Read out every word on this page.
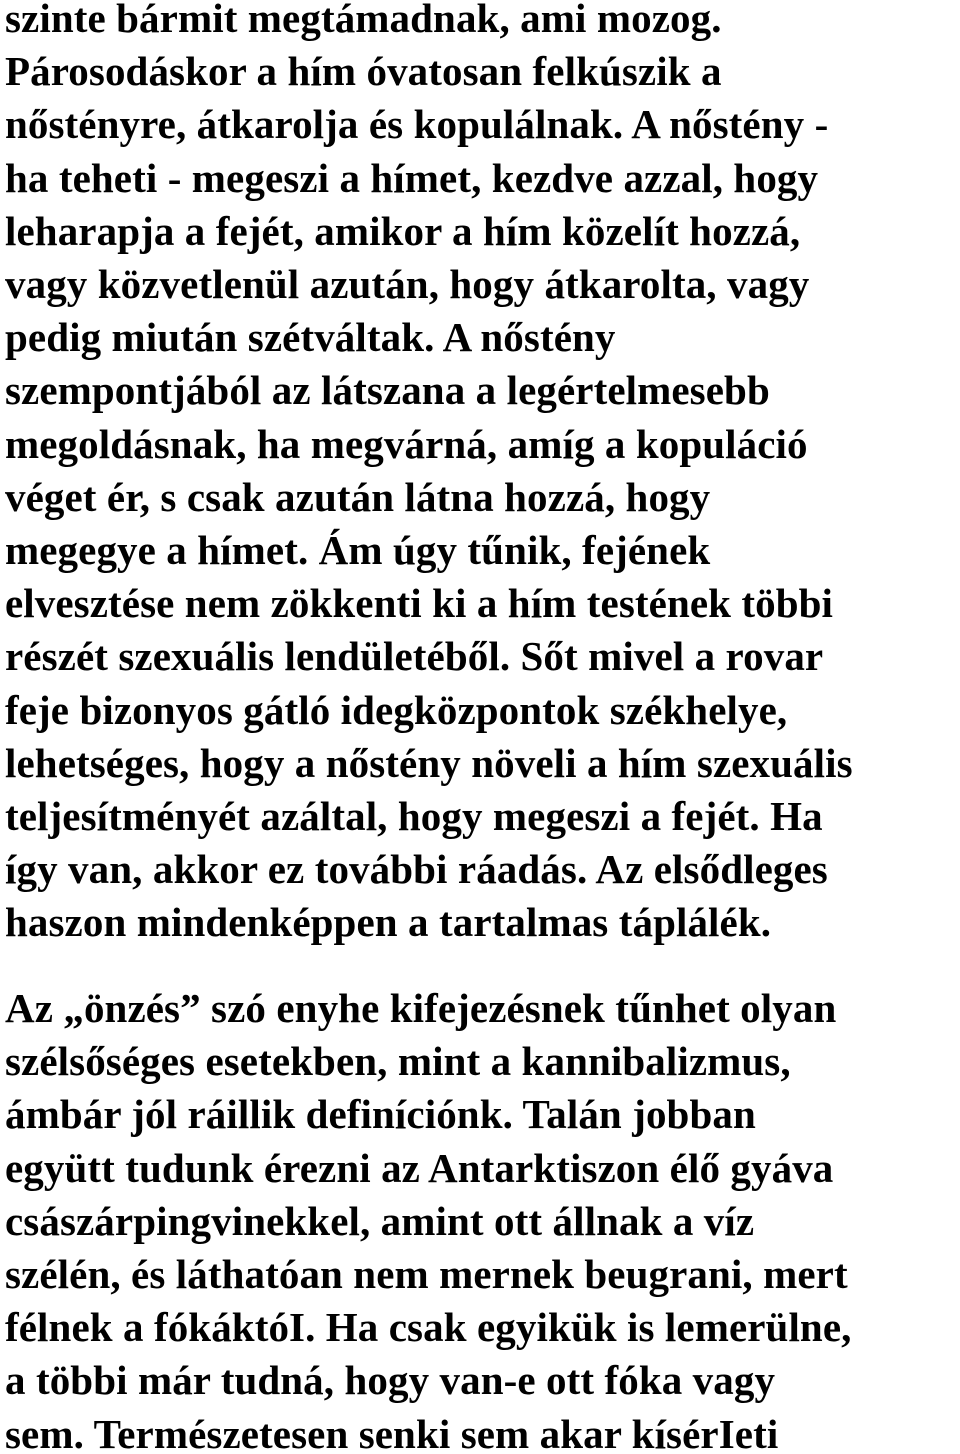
szinte bármit megtámadnak, ami mozog.
Párosodáskor a hím óvatosan felkúszik a
nőstényre, átkarolja és kopulálnak. A nőstény -
ha teheti - megeszi a hímet, kezdve azzal, hogy
leharapja a fejét, amikor a hím közelít hozzá,
vagy közvetlenül azután, hogy átkarolta, vagy
pedig miután szétváltak. A nőstény
szempontjából az látszana a legértelmesebb
megoldásnak, ha megvárná, amíg a kopuláció
véget ér, s csak azután látna hozzá, hogy
megegye a hímet. Ám úgy tűnik, fejének
elvesztése nem zökkenti ki a hím testének többi
részét szexuális lendületéből. Sőt mivel a rovar
feje bizonyos gátló idegközpontok székhelye,
lehetséges, hogy a nőstény növeli a hím szexuális
teljesítményét azáltal, hogy megeszi a fejét. Ha
így van, akkor ez további ráadás. Az elsődleges
haszon mindenképpen a tartalmas táplálék.
Az „önzés” szó enyhe kifejezésnek tűnhet olyan
szélsőséges esetekben, mint a kannibalizmus,
ámbár jól ráillik definíciónk. Talán jobban
együtt tudunk érezni az Antarktiszon élő gyáva
császárpingvinekkel, amint ott állnak a víz
szélén, és láthatóan nem mernek beugrani, mert
félnek a fókáktóI. Ha csak egyikük is lemerülne,
a többi már tudná, hogy van-e ott fóka vagy
sem. Természetesen senki sem akar kísérIeti
